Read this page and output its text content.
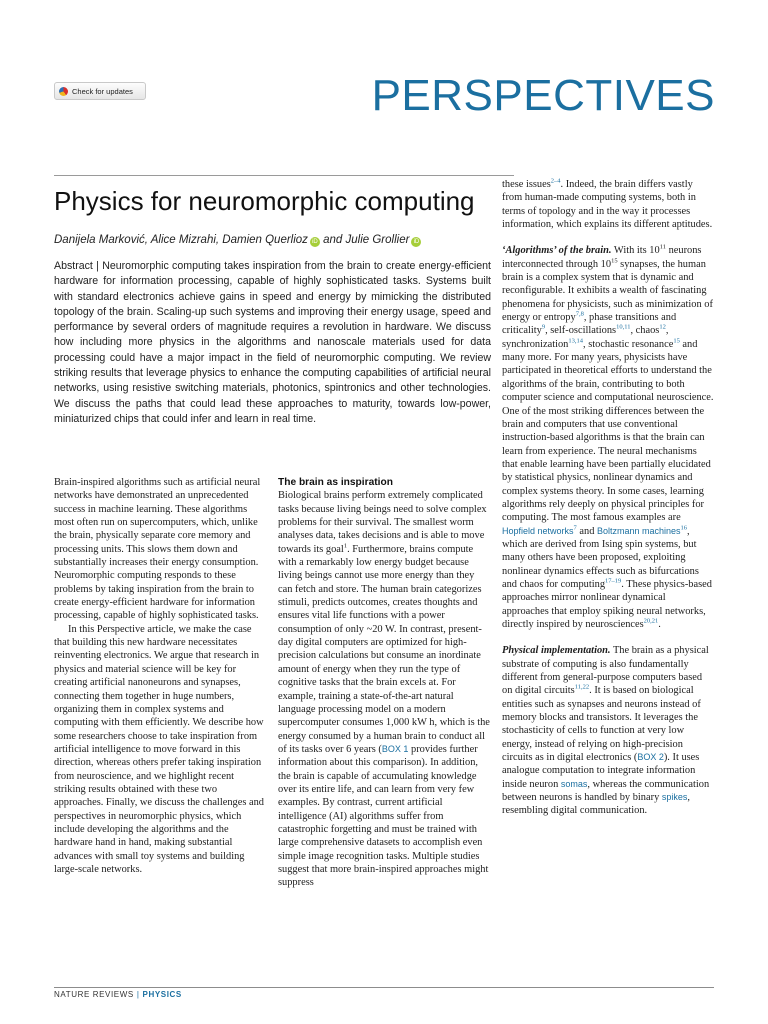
Check for updates	PERSPECTIVES
Physics for neuromorphic computing
Danijela Marković, Alice Mizrahi, Damien Querlioz iD and Julie Grollier iD
Abstract | Neuromorphic computing takes inspiration from the brain to create energy-efficient hardware for information processing, capable of highly sophisticated tasks. Systems built with standard electronics achieve gains in speed and energy by mimicking the distributed topology of the brain. Scaling-up such systems and improving their energy usage, speed and performance by several orders of magnitude requires a revolution in hardware. We discuss how including more physics in the algorithms and nanoscale materials used for data processing could have a major impact in the field of neuromorphic computing. We review striking results that leverage physics to enhance the computing capabilities of artificial neural networks, using resistive switching materials, photonics, spintronics and other technologies. We discuss the paths that could lead these approaches to maturity, towards low-power, miniaturized chips that could infer and learn in real time.

Brain-inspired algorithms such as artificial neural networks have demonstrated an unprecedented success in machine learning. These algorithms most often run on supercomputers, which, unlike the brain, physically separate core memory and processing units. This slows them down and substantially increases their energy consumption. Neuromorphic computing responds to these problems by taking inspiration from the brain to create energy-efficient hardware for information processing, capable of highly sophisticated tasks.

In this Perspective article, we make the case that building this new hardware necessitates reinventing electronics. We argue that research in physics and material science will be key for creating artificial nanoneurons and synapses, connecting them together in huge numbers, organizing them in complex systems and computing with them efficiently. We describe how some researchers choose to take inspiration from artificial intelligence to move forward in this direction, whereas others prefer taking inspiration from neuroscience, and we highlight recent striking results obtained with these two approaches. Finally, we discuss the challenges and perspectives in neuromorphic physics, which include developing the algorithms and the hardware hand in hand, making substantial advances with small toy systems and building large-scale networks.

The brain as inspiration

Biological brains perform extremely complicated tasks because living beings need to solve complex problems for their survival. The smallest worm analyses data, takes decisions and is able to move towards its goal$^1$. Furthermore, brains compute with a remarkably low energy budget because living beings cannot use more energy than they can fetch and store. The human brain categorizes stimuli, predicts outcomes, creates thoughts and ensures vital life functions with a power consumption of only ~20 W. In contrast, present-day digital computers are optimized for high-precision calculations but consume an inordinate amount of energy when they run the type of cognitive tasks that the brain excels at. For example, training a state-of-the-art natural language processing model on a modern supercomputer consumes 1,000 kW h, which is the energy consumed by a human brain to conduct all of its tasks over 6 years (BOX 1 provides further information about this comparison). In addition, the brain is capable of accumulating knowledge over its entire life, and can learn from very few examples. By contrast, current artificial intelligence (AI) algorithms suffer from catastrophic forgetting and must be trained with large comprehensive datasets to accomplish even simple image recognition tasks. Multiple studies suggest that more brain-inspired approaches might suppress

these issues$^{2-4}$. Indeed, the brain differs vastly from human-made computing systems, both in terms of topology and in the way it processes information, which explains its different aptitudes.

‘Algorithms’ of the brain. With its 10$^{11}$ neurons interconnected through 10$^{15}$ synapses, the human brain is a complex system that is dynamic and reconfigurable. It exhibits a wealth of fascinating phenomena for physicists, such as minimization of energy or entropy$^{7,8}$, phase transitions and criticality$^9$, self-oscillations$^{10,11}$, chaos$^{12}$, synchronization$^{13,14}$, stochastic resonance$^{15}$ and many more. For many years, physicists have participated in theoretical efforts to understand the algorithms of the brain, contributing to both computer science and computational neuroscience. One of the most striking differences between the brain and computers that use conventional instruction-based algorithms is that the brain can learn from experience. The neural mechanisms that enable learning have been partially elucidated by statistical physics, nonlinear dynamics and complex systems theory. In some cases, learning algorithms rely deeply on physical principles for computing. The most famous examples are Hopfield networks$^7$ and Boltzmann machines$^{16}$, which are derived from Ising spin systems, but many others have been proposed, exploiting nonlinear dynamics effects such as bifurcations and chaos for computing$^{17-19}$. These physics-based approaches mirror nonlinear dynamical approaches that employ spiking neural networks, directly inspired by neurosciences$^{20,21}$.

Physical implementation. The brain as a physical substrate of computing is also fundamentally different from general-purpose computers based on digital circuits$^{11,22}$. It is based on biological entities such as synapses and neurons instead of memory blocks and transistors. It leverages the stochasticity of cells to function at very low energy, instead of relying on high-precision circuits as in digital electronics (BOX 2). It uses analogue computation to integrate information inside neuron somas, whereas the communication between neurons is handled by binary spikes, resembling digital communication.

NATURE REVIEWS | PHYSICS
